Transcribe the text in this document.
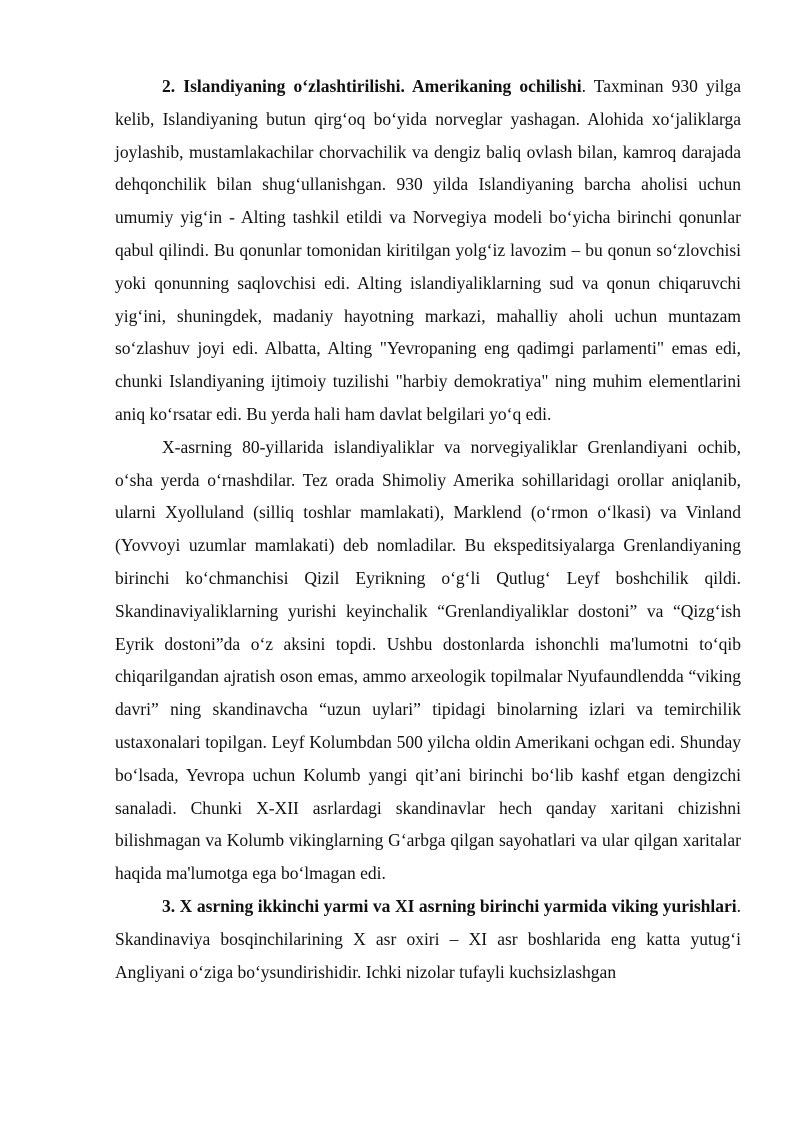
2. Islandiyaning o‘zlashtirilishi. Amerikaning ochilishi. Taxminan 930 yilga kelib, Islandiyaning butun qirg‘oq bo‘yida norveglar yashagan. Alohida xo‘jaliklarga joylashib, mustamlakachilar chorvachilik va dengiz baliq ovlash bilan, kamroq darajada dehqonchilik bilan shug‘ullanishgan. 930 yilda Islandiyaning barcha aholisi uchun umumiy yig‘in - Alting tashkil etildi va Norvegiya modeli bo‘yicha birinchi qonunlar qabul qilindi. Bu qonunlar tomonidan kiritilgan yolg‘iz lavozim – bu qonun so‘zlovchisi yoki qonunning saqlovchisi edi. Alting islandiyaliklarning sud va qonun chiqaruvchi yig‘ini, shuningdek, madaniy hayotning markazi, mahalliy aholi uchun muntazam so‘zlashuv joyi edi. Albatta, Alting "Yevropaning eng qadimgi parlamenti" emas edi, chunki Islandiyaning ijtimoiy tuzilishi "harbiy demokratiya" ning muhim elementlarini aniq ko‘rsatar edi. Bu yerda hali ham davlat belgilari yo‘q edi.

X-asrning 80-yillarida islandiyaliklar va norvegiyaliklar Grenlandiyani ochib, o‘sha yerda o‘rnashdilar. Tez orada Shimoliy Amerika sohillaridagi orollar aniqlanib, ularni Xyolluland (silliq toshlar mamlakati), Marklend (o‘rmon o‘lkasi) va Vinland (Yovvoyi uzumlar mamlakati) deb nomladilar. Bu ekspeditsiyalarga Grenlandiyaning birinchi ko‘chmanchisi Qizil Eyrikning o‘g‘li Qutlug‘ Leyf boshchilik qildi. Skandinaviyaliklarning yurishi keyinchalik “Grenlandiyaliklar dostoni” va “Qizg‘ish Eyrik dostoni”da o‘z aksini topdi. Ushbu dostonlarda ishonchli ma'lumotni to‘qib chiqarilgandan ajratish oson emas, ammo arxeologik topilmalar Nyufaundlendda “viking davri” ning skandinavcha “uzun uylari” tipidagi binolarning izlari va temirchilik ustaxonalari topilgan. Leyf Kolumbdan 500 yilcha oldin Amerikani ochgan edi. Shunday bo‘lsada, Yevropa uchun Kolumb yangi qit’ani birinchi bo‘lib kashf etgan dengizchi sanaladi. Chunki X-XII asrlardagi skandinavlar hech qanday xaritani chizishni bilishmagan va Kolumb vikinglarning G‘arbga qilgan sayohatlari va ular qilgan xaritalar haqida ma'lumotga ega bo‘lmagan edi.

3. X asrning ikkinchi yarmi va XI asrning birinchi yarmida viking yurishlari. Skandinaviya bosqinchilarining X asr oxiri – XI asr boshlarida eng katta yutug‘i Angliyani o‘ziga bo‘ysundirishidir. Ichki nizolar tufayli kuchsizlashgan
